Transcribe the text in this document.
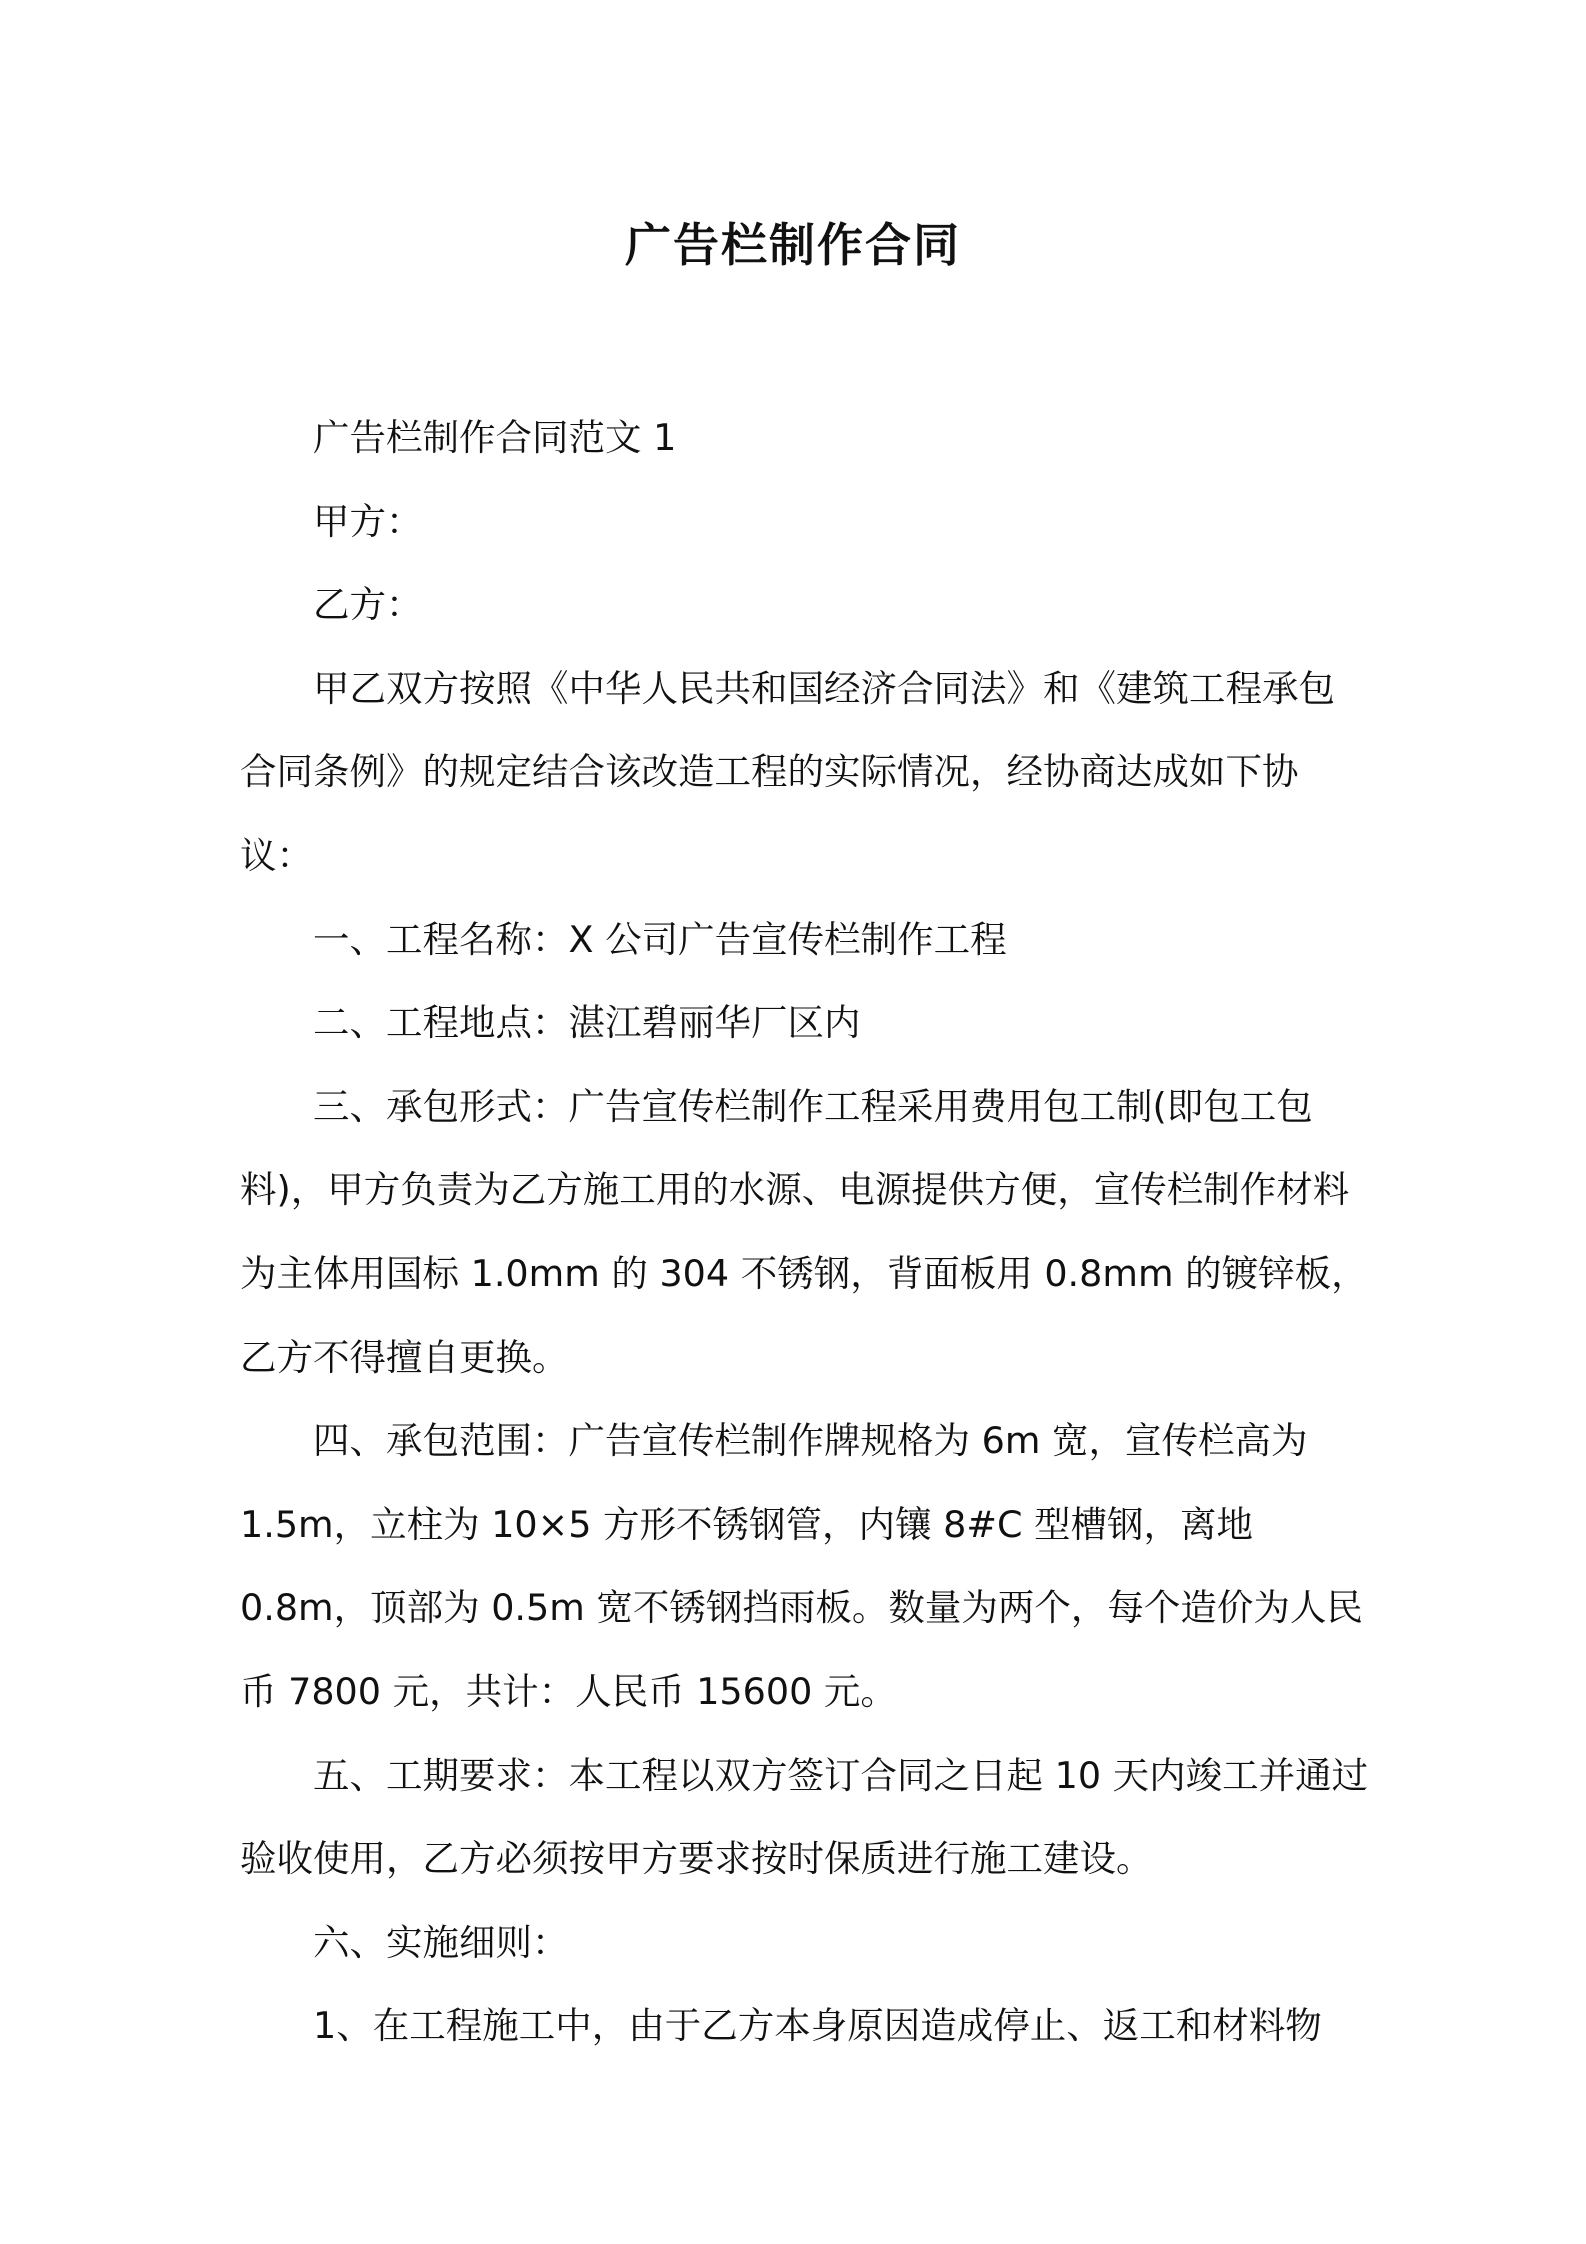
广告栏制作合同

广告栏制作合同范文 1

甲方：

乙方：

甲乙双方按照《中华人民共和国经济合同法》和《建筑工程承包合同条例》的规定结合该改造工程的实际情况，经协商达成如下协议：

一、工程名称：X 公司广告宣传栏制作工程

二、工程地点：湛江碧丽华厂区内

三、承包形式：广告宣传栏制作工程采用费用包工制(即包工包料)，甲方负责为乙方施工用的水源、电源提供方便，宣传栏制作材料为主体用国标 1.0mm 的 304 不锈钢，背面板用 0.8mm 的镀锌板，乙方不得擅自更换。

四、承包范围：广告宣传栏制作牌规格为 6m 宽，宣传栏高为 1.5m，立柱为 10×5 方形不锈钢管，内镶 8#C 型槽钢，离地 0.8m，顶部为 0.5m 宽不锈钢挡雨板。数量为两个，每个造价为人民币 7800 元，共计：人民币 15600 元。

五、工期要求：本工程以双方签订合同之日起 10 天内竣工并通过验收使用，乙方必须按甲方要求按时保质进行施工建设。

六、实施细则：

1、在工程施工中，由于乙方本身原因造成停止、返工和材料物
